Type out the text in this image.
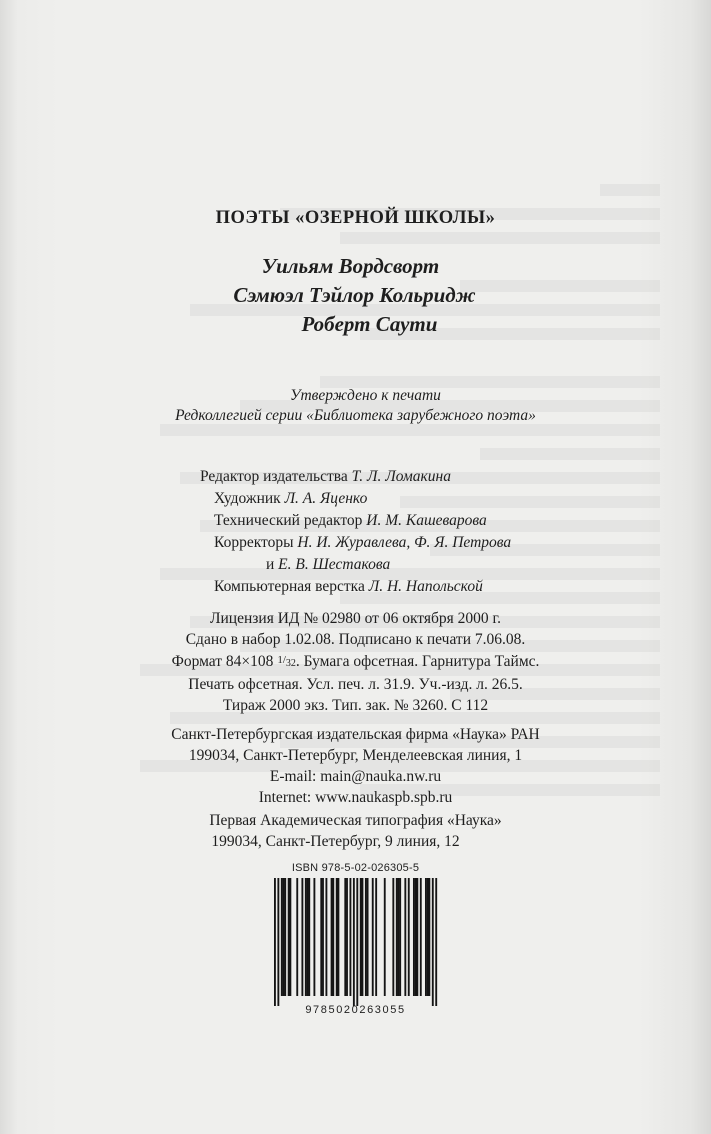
ПОЭТЫ «ОЗЕРНОЙ ШКОЛЫ»
Уильям Вордсворт
Сэмюэл Тэйлор Кольридж
Роберт Саути
Утверждено к печати
Редколлегией серии «Библиотека зарубежного поэта»
Редактор издательства Т. Л. Ломакина
Художник Л. А. Яценко
Технический редактор И. М. Кашеварова
Корректоры Н. И. Журавлева, Ф. Я. Петрова
и Е. В. Шестакова
Компьютерная верстка Л. Н. Напольской
Лицензия ИД № 02980 от 06 октября 2000 г.
Сдано в набор 1.02.08. Подписано к печати 7.06.08.
Формат 84×108 $1/_{32}$. Бумага офсетная. Гарнитура Таймс.
Печать офсетная. Усл. печ. л. 31.9. Уч.-изд. л. 26.5.
Тираж 2000 экз. Тип. зак. № 3260. С 112
Санкт-Петербургская издательская фирма «Наука» РАН
199034, Санкт-Петербург, Менделеевская линия, 1
E-mail: main@nauka.nw.ru
Internet: www.naukaspb.spb.ru
Первая Академическая типография «Наука»
199034, Санкт-Петербург, 9 линия, 12
ISBN 978-5-02-026305-5
9785020263055
